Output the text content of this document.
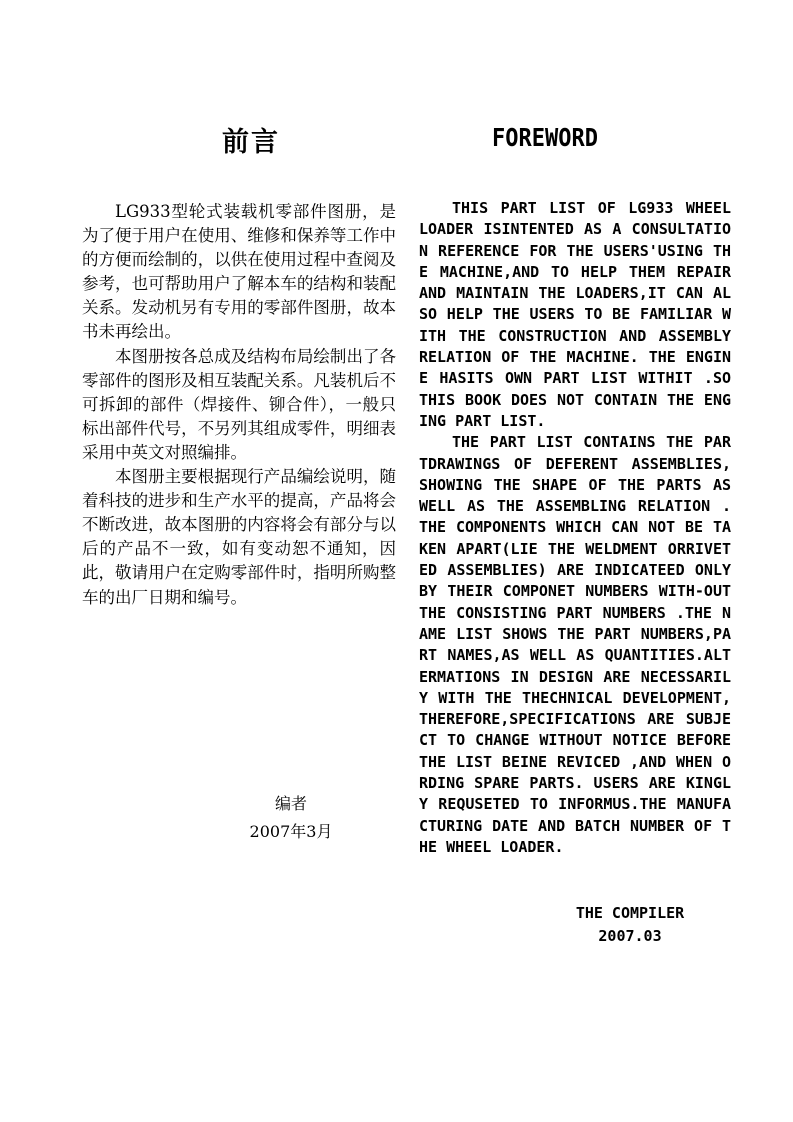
前言	FOREWORD

LG933型轮式装载机零部件图册，是为了便于用户在使用、维修和保养等工作中的方便而绘制的，以供在使用过程中查阅及参考，也可帮助用户了解本车的结构和装配关系。发动机另有专用的零部件图册，故本书未再绘出。

本图册按各总成及结构布局绘制出了各零部件的图形及相互装配关系。凡装机后不可拆卸的部件（焊接件、铆合件），一般只标出部件代号，不另列其组成零件，明细表采用中英文对照编排。

本图册主要根据现行产品编绘说明，随着科技的进步和生产水平的提高，产品将会不断改进，故本图册的内容将会有部分与以后的产品不一致，如有变动恕不通知，因此，敬请用户在定购零部件时，指明所购整车的出厂日期和编号。

编者
2007年3月

THIS PART LIST OF LG933 WHEEL LOADER ISINTENTED AS A CONSULTATION REFERENCE FOR THE USERS'USING THE MACHINE,AND TO HELP THEM REPAIR AND MAINTAIN THE LOADERS,IT CAN ALSO HELP THE USERS TO BE FAMILIAR WITH THE CONSTRUCTION AND ASSEMBLY RELATION OF THE MACHINE. THE ENGINE HASITS OWN PART LIST WITHIT .SO THIS BOOK DOES NOT CONTAIN THE ENGING PART LIST.

THE PART LIST CONTAINS THE PARTDRAWINGS OF DEFERENT ASSEMBLIES, SHOWING THE SHAPE OF THE PARTS AS WELL AS THE ASSEMBLING RELATION . THE COMPONENTS WHICH CAN NOT BE TAKEN APART(LIE THE WELDMENT ORRIVETED ASSEMBLIES) ARE INDICATEED ONLY BY THEIR COMPONET NUMBERS WITH-OUT THE CONSISTING PART NUMBERS .THE NAME LIST SHOWS THE PART NUMBERS,PART NAMES,AS WELL AS QUANTITIES.ALTERMATIONS IN DESIGN ARE NECESSARILY WITH THE THECHNICAL DEVELOPMENT,THEREFORE,SPECIFICATIONS ARE SUBJECT TO CHANGE WITHOUT NOTICE BEFORE THE LIST BEINE REVICED ,AND WHEN ORDING SPARE PARTS. USERS ARE KINGLY REQUSETED TO INFORMUS.THE MANUFACTURING DATE AND BATCH NUMBER OF THE WHEEL LOADER.

THE COMPILER
2007.03
